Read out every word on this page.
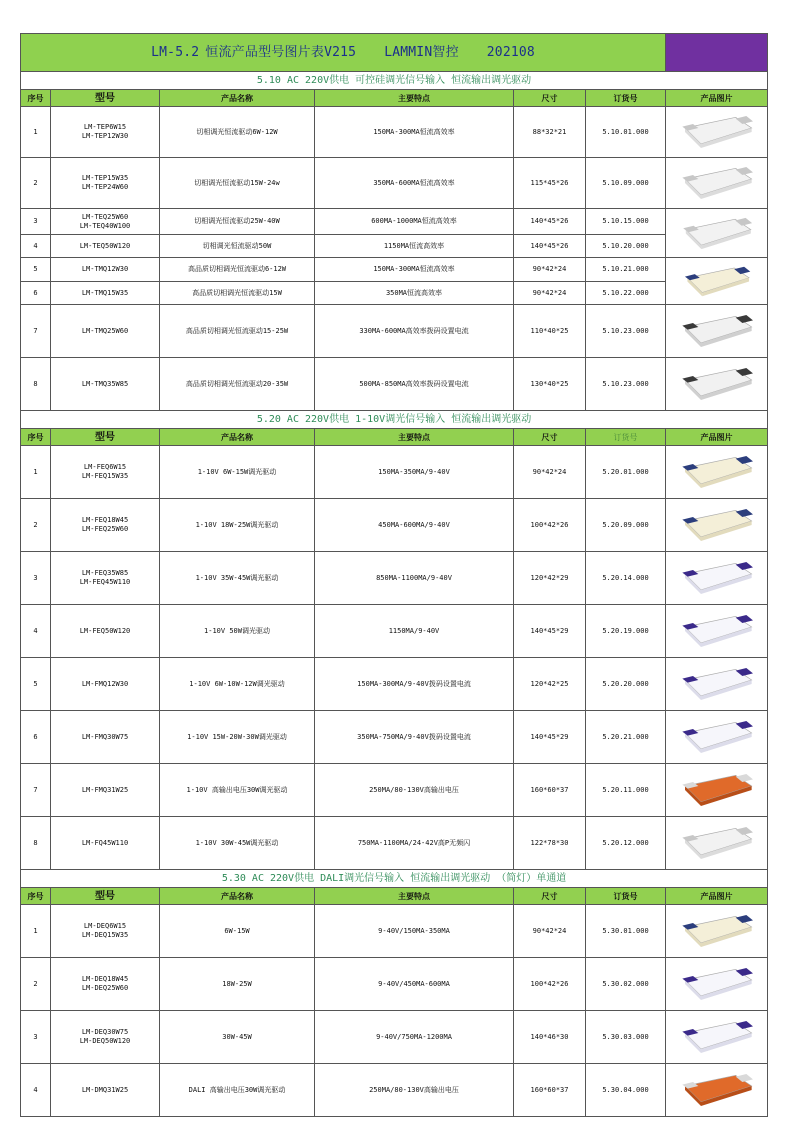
LM-5.2 恒流产品型号图片表V215 LAMMIN智控 202108						
5.10 AC 220V供电 可控硅调光信号输入 恒流输出调光驱动						
序号	型号	产品名称	主要特点	尺寸	订货号	产品图片
1	LM-TEP6W15
LM-TEP12W30	切相调光恒流驱动6W-12W	150MA-300MA恒流高效率	88*32*21	5.10.01.000	

2	LM-TEP15W35
LM-TEP24W60	切相调光恒流驱动15W-24w	350MA-600MA恒流高效率	115*45*26	5.10.09.000	

3	LM-TEQ25W60
LM-TEQ40W100	切相调光恒流驱动25W-40W	600MA-1000MA恒流高效率	140*45*26	5.10.15.000	

4	LM-TEQ50W120	切相调光恒流驱动50W	1150MA恒流高效率	140*45*26	5.10.20.000	
5	LM-TMQ12W30	高品质切相调光恒流驱动6-12W	150MA-300MA恒流高效率	90*42*24	5.10.21.000	

6	LM-TMQ15W35	高品质切相调光恒流驱动15W	350MA恒流高效率	90*42*24	5.10.22.000	
7	LM-TMQ25W60	高品质切相调光恒流驱动15-25W	330MA-600MA高效率拨码设置电流	110*40*25	5.10.23.000	

8	LM-TMQ35W85	高品质切相调光恒流驱动20-35W	500MA-850MA高效率拨码设置电流	130*40*25	5.10.23.000	

5.20 AC 220V供电 1-10V调光信号输入 恒流输出调光驱动						
序号	型号	产品名称	主要特点	尺寸	订货号	产品图片
1	LM-FEQ6W15
LM-FEQ15W35	1-10V 6W-15W调光驱动	150MA-350MA/9-40V	90*42*24	5.20.01.000	

2	LM-FEQ18W45
LM-FEQ25W60	1-10V 18W-25W调光驱动	450MA-600MA/9-40V	100*42*26	5.20.09.000	

3	LM-FEQ35W85
LM-FEQ45W110	1-10V 35W-45W调光驱动	850MA-1100MA/9-40V	120*42*29	5.20.14.000	

4	LM-FEQ50W120	1-10V 50W调光驱动	1150MA/9-40V	140*45*29	5.20.19.000	

5	LM-FMQ12W30	1-10V 6W-10W-12W调光驱动	150MA-300MA/9-40V拨码设置电流	120*42*25	5.20.20.000	

6	LM-FMQ30W75	1-10V 15W-20W-30W调光驱动	350MA-750MA/9-40V拨码设置电流	140*45*29	5.20.21.000	

7	LM-FMQ31W25	1-10V 高输出电压30W调光驱动	250MA/80-130V高输出电压	160*60*37	5.20.11.000	

8	LM-FQ45W110	1-10V 30W-45W调光驱动	750MA-1100MA/24-42V高P无频闪	122*78*30	5.20.12.000	

5.30 AC 220V供电 DALI调光信号输入 恒流输出调光驱动 （简灯）单通道						
序号	型号	产品名称	主要特点	尺寸	订货号	产品图片
1	LM-DEQ6W15
LM-DEQ15W35	6W-15W	9-40V/150MA-350MA	90*42*24	5.30.01.000	

2	LM-DEQ18W45
LM-DEQ25W60	18W-25W	9-40V/450MA-600MA	100*42*26	5.30.02.000	

3	LM-DEQ30W75
LM-DEQ50W120	30W-45W	9-40V/750MA-1200MA	140*46*30	5.30.03.000	

4	LM-DMQ31W25	DALI 高输出电压30W调光驱动	250MA/80-130V高输出电压	160*60*37	5.30.04.000	
